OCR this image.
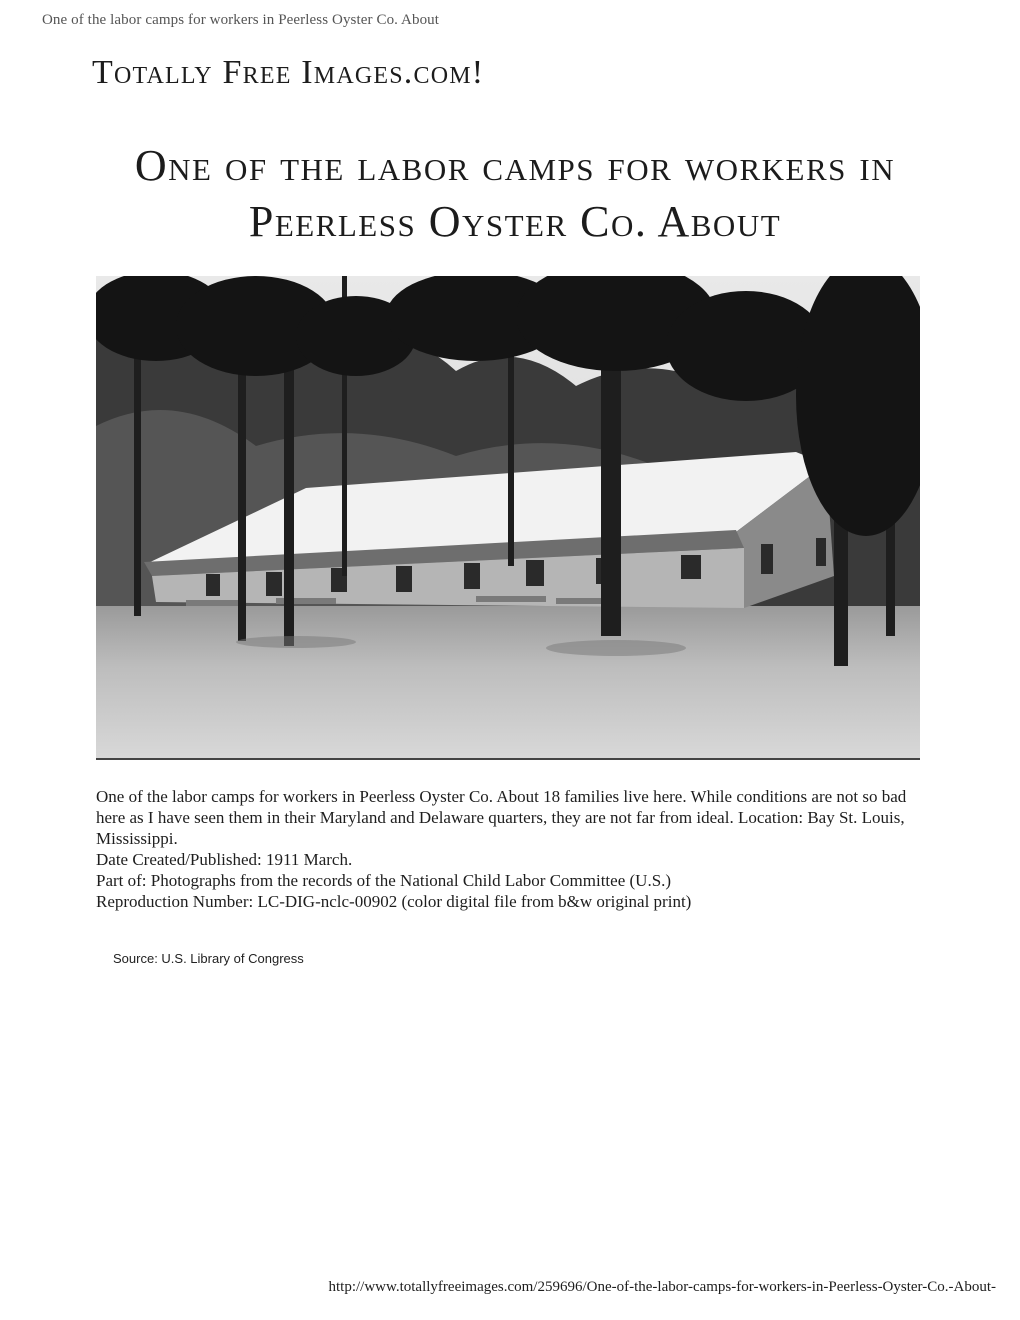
One of the labor camps for workers in Peerless Oyster Co. About
Totally Free Images.com!
One of the labor camps for workers in
Peerless Oyster Co. About

One of the labor camps for workers in Peerless Oyster Co. About 18 families live here. While conditions are not so bad here as I have seen them in their Maryland and Delaware quarters, they are not far from ideal. Location: Bay St. Louis, Mississippi.

Date Created/Published: 1911 March.

Part of: Photographs from the records of the National Child Labor Committee (U.S.)

Reproduction Number: LC-DIG-nclc-00902 (color digital file from b&w original print)

Source: U.S. Library of Congress
http://www.totallyfreeimages.com/259696/One-of-the-labor-camps-for-workers-in-Peerless-Oyster-Co.-About-
